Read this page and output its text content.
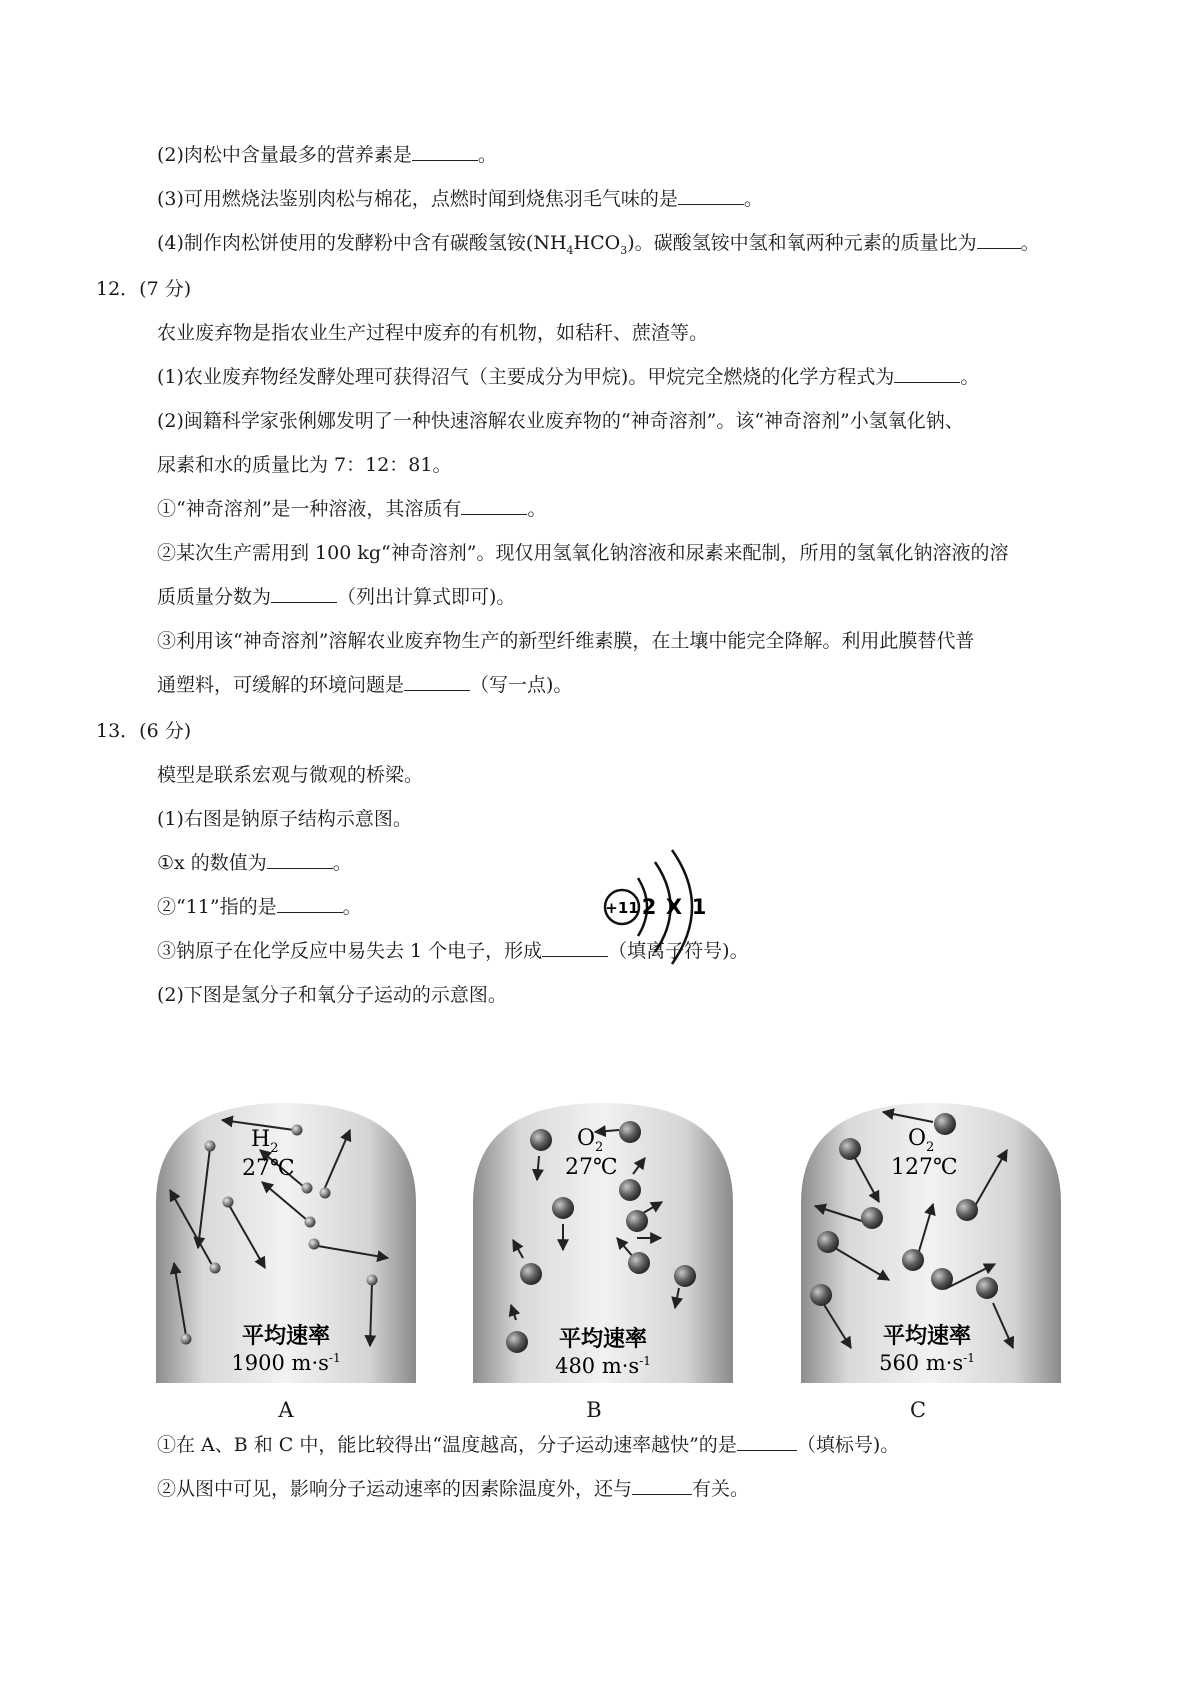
(2)肉松中含量最多的营养素是	。
(3)可用燃烧法鉴别肉松与棉花，点燃时闻到烧焦羽毛气味的是	。
(4)制作肉松饼使用的发酵粉中含有碳酸氢铵$(NH_4HCO_3)$。碳酸氢铵中氢和氧两种元素的质量比为 。
12．(7 分)
农业废弃物是指农业生产过程中废弃的有机物，如秸秆、蔗渣等。
(1)农业废弃物经发酵处理可获得沼气（主要成分为甲烷)。甲烷完全燃烧的化学方程式为	。
(2)闽籍科学家张俐娜发明了一种快速溶解农业废弃物的“神奇溶剂”。该“神奇溶剂”小氢氧化钠、
尿素和水的质量比为 7：12：81。
①“神奇溶剂”是一种溶液，其溶质有	。
②某次生产需用到 100 kg“神奇溶剂”。现仅用氢氧化钠溶液和尿素来配制，所用的氢氧化钠溶液的溶
质质量分数为	（列出计算式即可)。
③利用该“神奇溶剂”溶解农业废弃物生产的新型纤维素膜，在土壤中能完全降解。利用此膜替代普
通塑料，可缓解的环境问题是	（写一点)。
13．(6 分)
模型是联系宏观与微观的桥梁。
(1)右图是钠原子结构示意图。
①x 的数值为	。
②“11”指的是	。
③钠原子在化学反应中易失去 1 个电子，形成	（填离子符号)。
(2)下图是氢分子和氧分子运动的示意图。
+11 2 X 1
$H_2$
27℃
平均速率
1900 $m\cdot s^{-1}$
A
$O_2$
27℃
平均速率
480 $m\cdot s^{-1}$
B
$O_2$
127℃
平均速率
560 $m\cdot s^{-1}$
C
①在 A、B 和 C 中，能比较得出“温度越高，分子运动速率越快”的是	（填标号)。
②从图中可见，影响分子运动速率的因素除温度外，还与	有关。
